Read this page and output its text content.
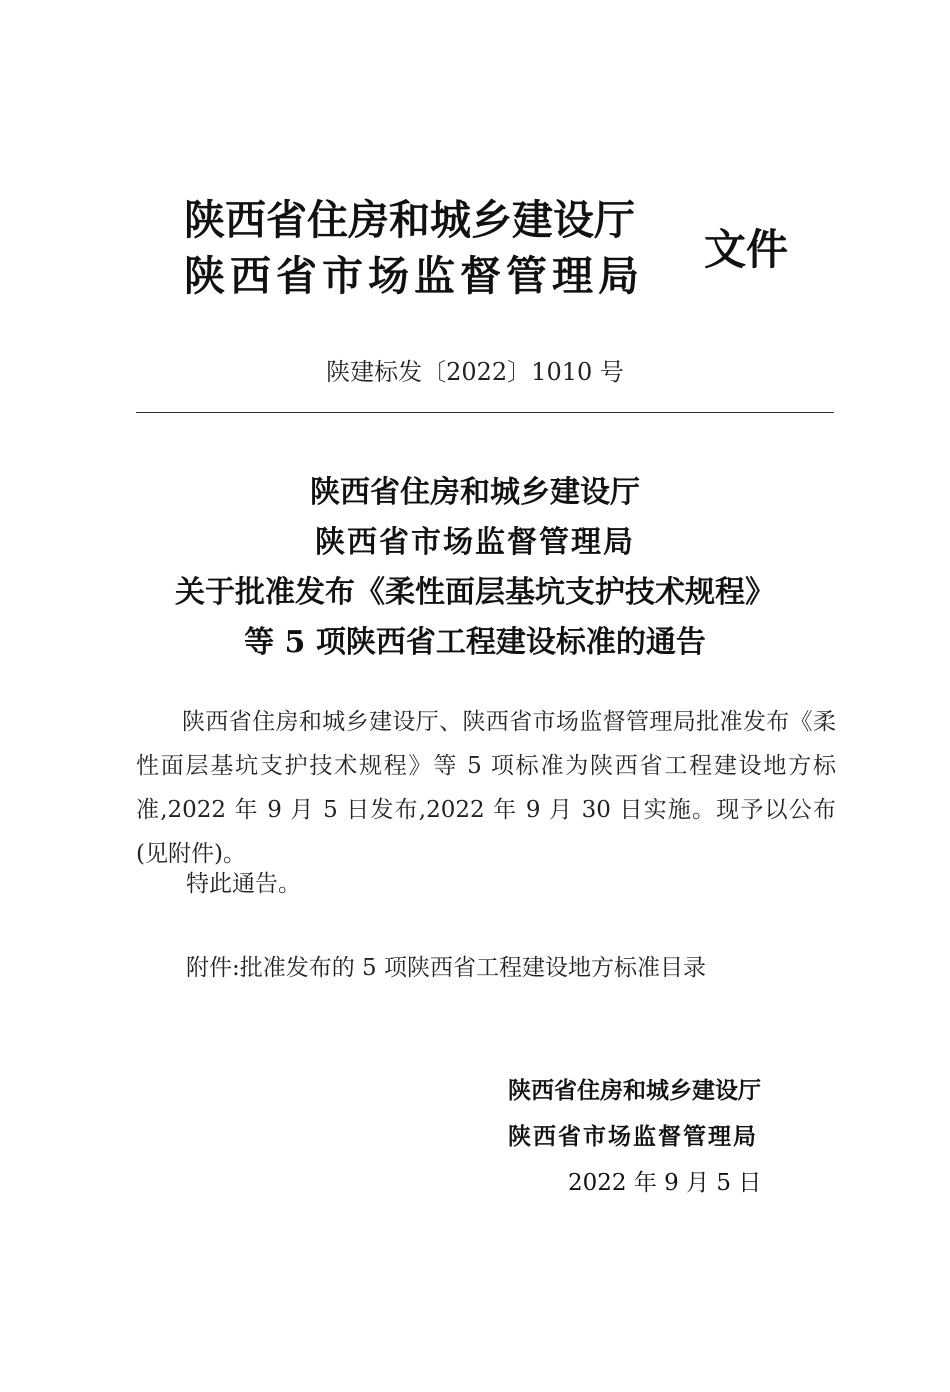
陕西省住房和城乡建设厅
陕西省市场监督管理局
文件
陕建标发〔2022〕1010 号
陕西省住房和城乡建设厅
陕西省市场监督管理局
关于批准发布《柔性面层基坑支护技术规程》
等 5 项陕西省工程建设标准的通告

陕西省住房和城乡建设厅、陕西省市场监督管理局批准发布《柔性面层基坑支护技术规程》等 5 项标准为陕西省工程建设地方标准,2022 年 9 月 5 日发布,2022 年 9 月 30 日实施。现予以公布(见附件)。

特此通告。
附件:批准发布的 5 项陕西省工程建设地方标准目录
陕西省住房和城乡建设厅
陕西省市场监督管理局
2022 年 9 月 5 日
